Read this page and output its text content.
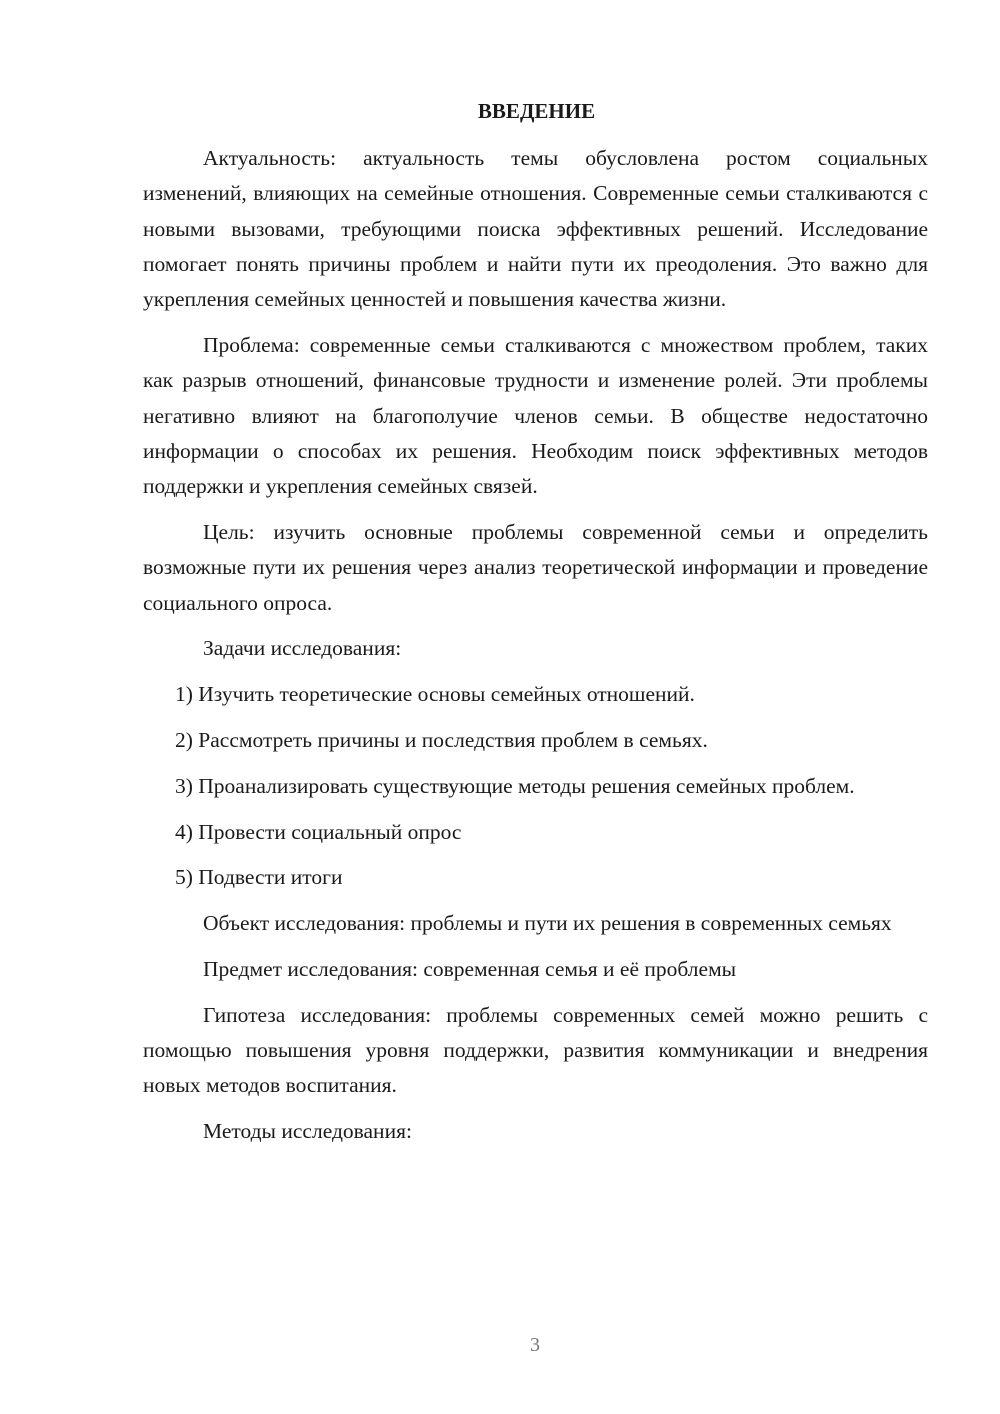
ВВЕДЕНИЕ

Актуальность: актуальность темы обусловлена ростом социальных изменений, влияющих на семейные отношения. Современные семьи сталкиваются с новыми вызовами, требующими поиска эффективных решений. Исследование помогает понять причины проблем и найти пути их преодоления. Это важно для укрепления семейных ценностей и повышения качества жизни.

Проблема: современные семьи сталкиваются с множеством проблем, таких как разрыв отношений, финансовые трудности и изменение ролей. Эти проблемы негативно влияют на благополучие членов семьи. В обществе недостаточно информации о способах их решения. Необходим поиск эффективных методов поддержки и укрепления семейных связей.

Цель: изучить основные проблемы современной семьи и определить возможные пути их решения через анализ теоретической информации и проведение социального опроса.

Задачи исследования:

1) Изучить теоретические основы семейных отношений.

2) Рассмотреть причины и последствия проблем в семьях.

3) Проанализировать существующие методы решения семейных проблем.

4) Провести социальный опрос

5) Подвести итоги

Объект исследования: проблемы и пути их решения в современных семьях

Предмет исследования: современная семья и её проблемы

Гипотеза исследования: проблемы современных семей можно решить с помощью повышения уровня поддержки, развития коммуникации и внедрения новых методов воспитания.

Методы исследования:

3
